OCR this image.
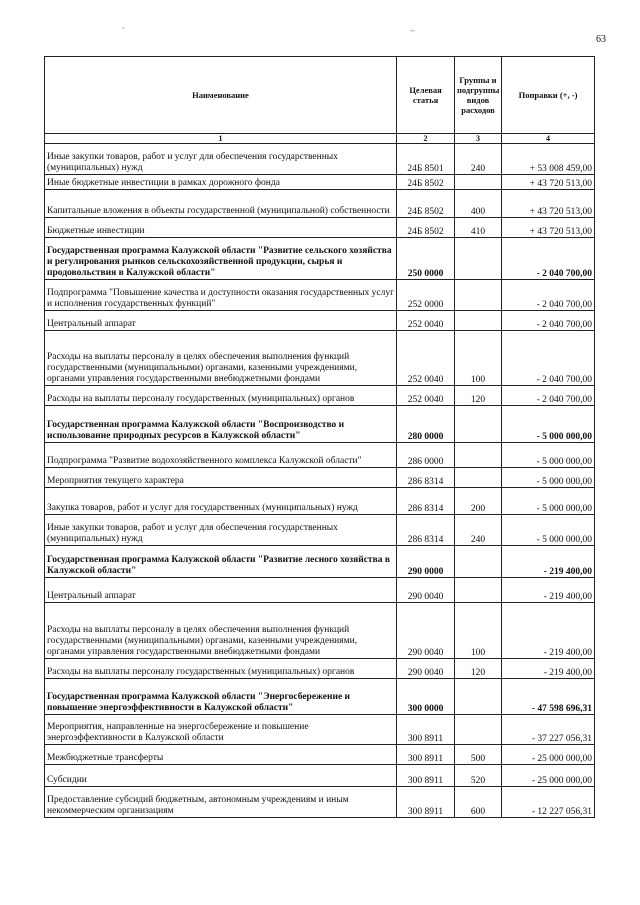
˜	~
63
Наименование	Целевая статья	Группы и подгруппы видов расходов	Поправки (+, -)
1	2	3	4
Иные закупки товаров, работ и услуг для обеспечения государственных (муниципальных) нужд	24Б 8501	240	+ 53 008 459,00
Иные бюджетные инвестиции в рамках дорожного фонда	24Б 8502		+ 43 720 513,00
Капитальные вложения в объекты государственной (муниципальной) собственности	24Б 8502	400	+ 43 720 513,00
Бюджетные инвестиции	24Б 8502	410	+ 43 720 513,00
Государственная программа Калужской области "Развитие сельского хозяйства и регулирования рынков сельскохозяйственной продукции, сырья и продовольствия в Калужской области"	250 0000		- 2 040 700,00
Подпрограмма "Повышение качества и доступности оказания государственных услуг и исполнения государственных функций"	252 0000		- 2 040 700,00
Центральный аппарат	252 0040		- 2 040 700,00
Расходы на выплаты персоналу в целях обеспечения выполнения функций государственными (муниципальными) органами, казенными учреждениями, органами управления государственными внебюджетными фондами	252 0040	100	- 2 040 700,00
Расходы на выплаты персоналу государственных (муниципальных) органов	252 0040	120	- 2 040 700,00
Государственная программа Калужской области "Воспроизводство и использование природных ресурсов в Калужской области"	280 0000		- 5 000 000,00
Подпрограмма "Развитие водохозяйственного комплекса Калужской области"	286 0000		- 5 000 000,00
Мероприятия текущего характера	286 8314		- 5 000 000,00
Закупка товаров, работ и услуг для государственных (муниципальных) нужд	286 8314	200	- 5 000 000,00
Иные закупки товаров, работ и услуг для обеспечения государственных (муниципальных) нужд	286 8314	240	- 5 000 000,00
Государственная программа Калужской области "Развитие лесного хозяйства в Калужской области"	290 0000		- 219 400,00
Центральный аппарат	290 0040		- 219 400,00
Расходы на выплаты персоналу в целях обеспечения выполнения функций государственными (муниципальными) органами, казенными учреждениями, органами управления государственными внебюджетными фондами	290 0040	100	- 219 400,00
Расходы на выплаты персоналу государственных (муниципальных) органов	290 0040	120	- 219 400,00
Государственная программа Калужской области "Энергосбережение и повышение энергоэффективности в Калужской области"	300 0000		- 47 598 696,31
Мероприятия, направленные на энергосбережение и повышение энергоэффективности в Калужской области	300 8911		- 37 227 056,31
Межбюджетные трансферты	300 8911	500	- 25 000 000,00
Субсидии	300 8911	520	- 25 000 000,00
Предоставление субсидий бюджетным, автономным учреждениям и иным некоммерческим организациям	300 8911	600	- 12 227 056,31
